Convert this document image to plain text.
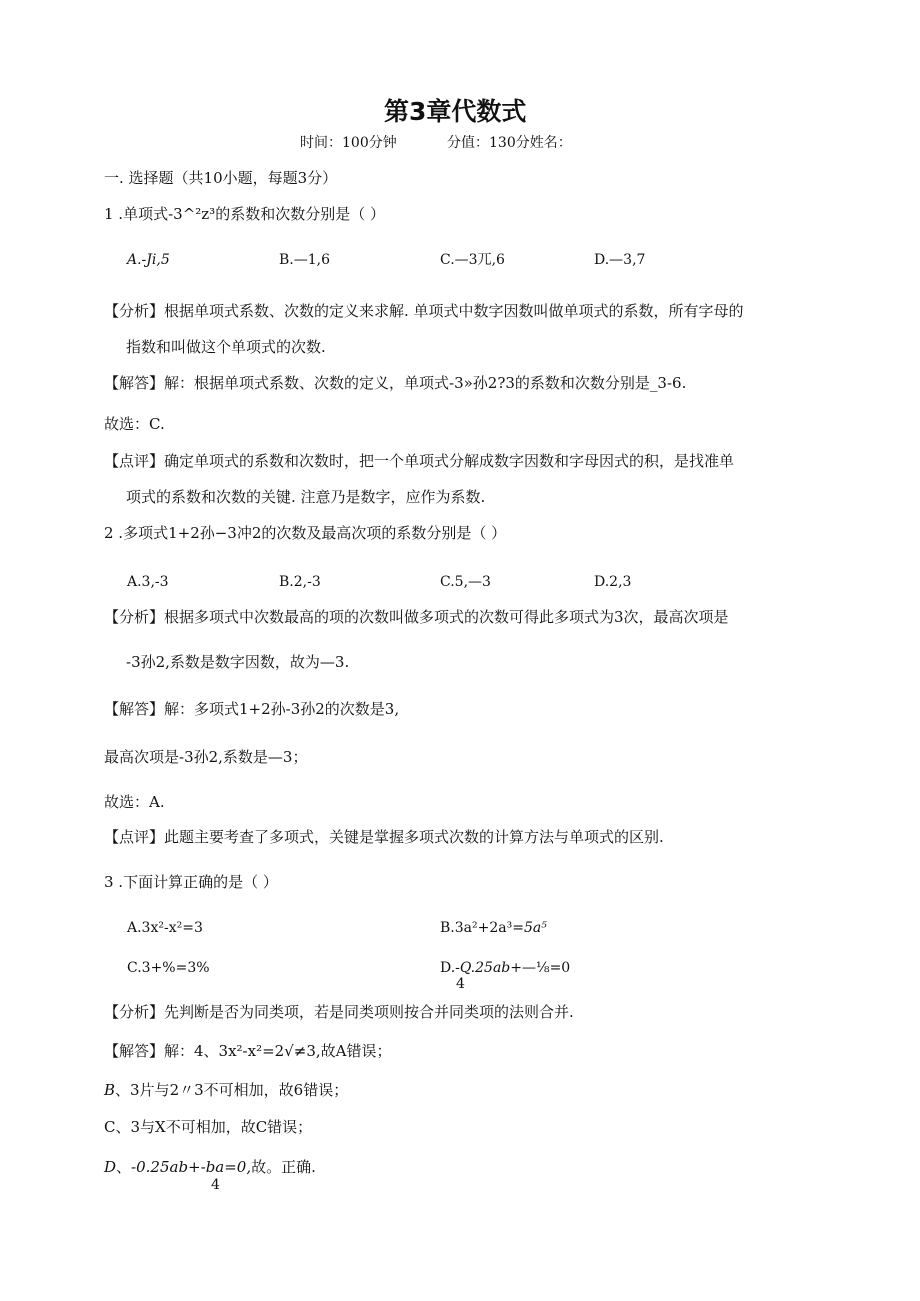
第3章代数式
时间：100分钟	分值：130分姓名：
一. 选择题（共10小题，每题3分）
1 .单项式-3^²z³的系数和次数分别是（ ）
A.-Ji,5	B.—1,6	C.—3兀,6	D.—3,7
【分析】根据单项式系数、次数的定义来求解. 单项式中数字因数叫做单项式的系数，所有字母的
指数和叫做这个单项式的次数.
【解答】解：根据单项式系数、次数的定义，单项式-3»孙2?3的系数和次数分别是_3-6.
故选：C.
【点评】确定单项式的系数和次数时，把一个单项式分解成数字因数和字母因式的积，是找准单
项式的系数和次数的关键. 注意乃是数字，应作为系数.
2 .多项式1+2孙−3冲2的次数及最高次项的系数分别是（ ）
A.3,-3	B.2,-3	C.5,—3	D.2,3
【分析】根据多项式中次数最高的项的次数叫做多项式的次数可得此多项式为3次，最高次项是
-3孙2,系数是数字因数，故为—3.
【解答】解：多项式1+2孙-3孙2的次数是3,
最高次项是-3孙2,系数是—3；
故选：A.
【点评】此题主要考查了多项式，关键是掌握多项式次数的计算方法与单项式的区别.
3 .下面计算正确的是（ ）
A.3x²-x²=3	B.3a²+2a³=5a⁵
C.3+%=3%	D.-Q.25ab+—⅛=0
4
【分析】先判断是否为同类项，若是同类项则按合并同类项的法则合并.
【解答】解：4、3x²-x²=2√≠3,故A错误；
B、3片与2〃3不可相加，故6错误；
C、3与X不可相加，故C错误；
D、-0.25ab+-ba=0,故。正确.
4
